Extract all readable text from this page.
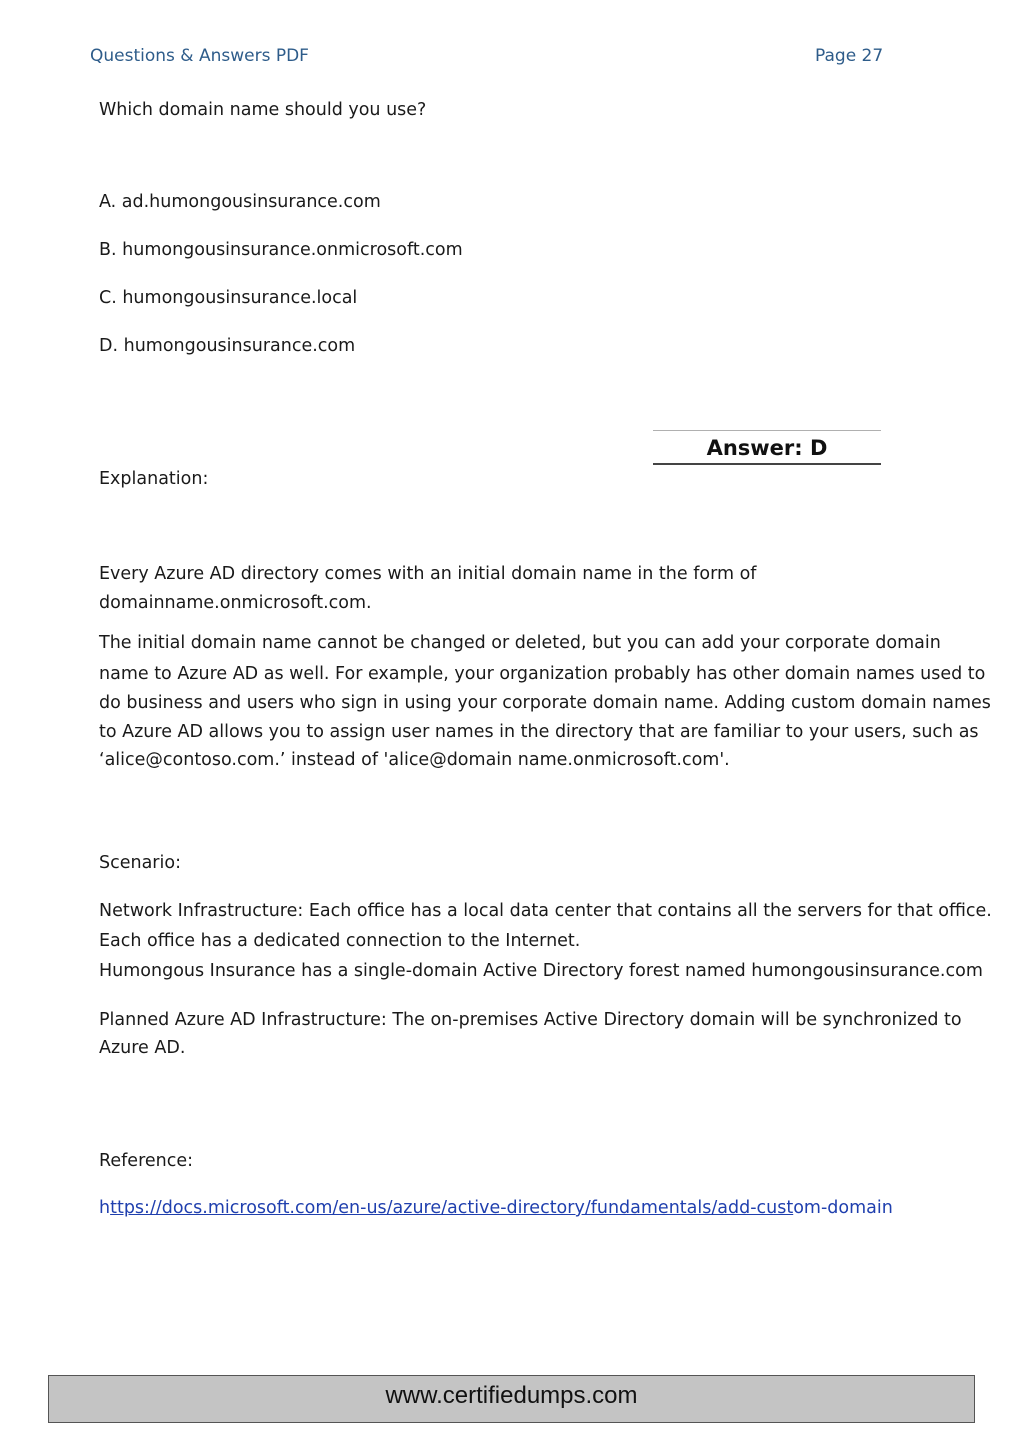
Questions & Answers PDF	Page 27
Which domain name should you use?
A. ad.humongousinsurance.com
B. humongousinsurance.onmicrosoft.com
C. humongousinsurance.local
D. humongousinsurance.com
Answer: D
Explanation:
Every Azure AD directory comes with an initial domain name in the form of
domainname.onmicrosoft.com.
The initial domain name cannot be changed or deleted, but you can add your corporate domain
name to Azure AD as well. For example, your organization probably has other domain names used to
do business and users who sign in using your corporate domain name. Adding custom domain names
to Azure AD allows you to assign user names in the directory that are familiar to your users, such as
‘alice@contoso.com.’ instead of 'alice@domain name.onmicrosoft.com'.
Scenario:
Network Infrastructure: Each office has a local data center that contains all the servers for that office.
Each office has a dedicated connection to the Internet.
Humongous Insurance has a single-domain Active Directory forest named humongousinsurance.com
Planned Azure AD Infrastructure: The on-premises Active Directory domain will be synchronized to
Azure AD.
Reference:
https://docs.microsoft.com/en-us/azure/active-directory/fundamentals/add-custom-domain
www.certifiedumps.com
